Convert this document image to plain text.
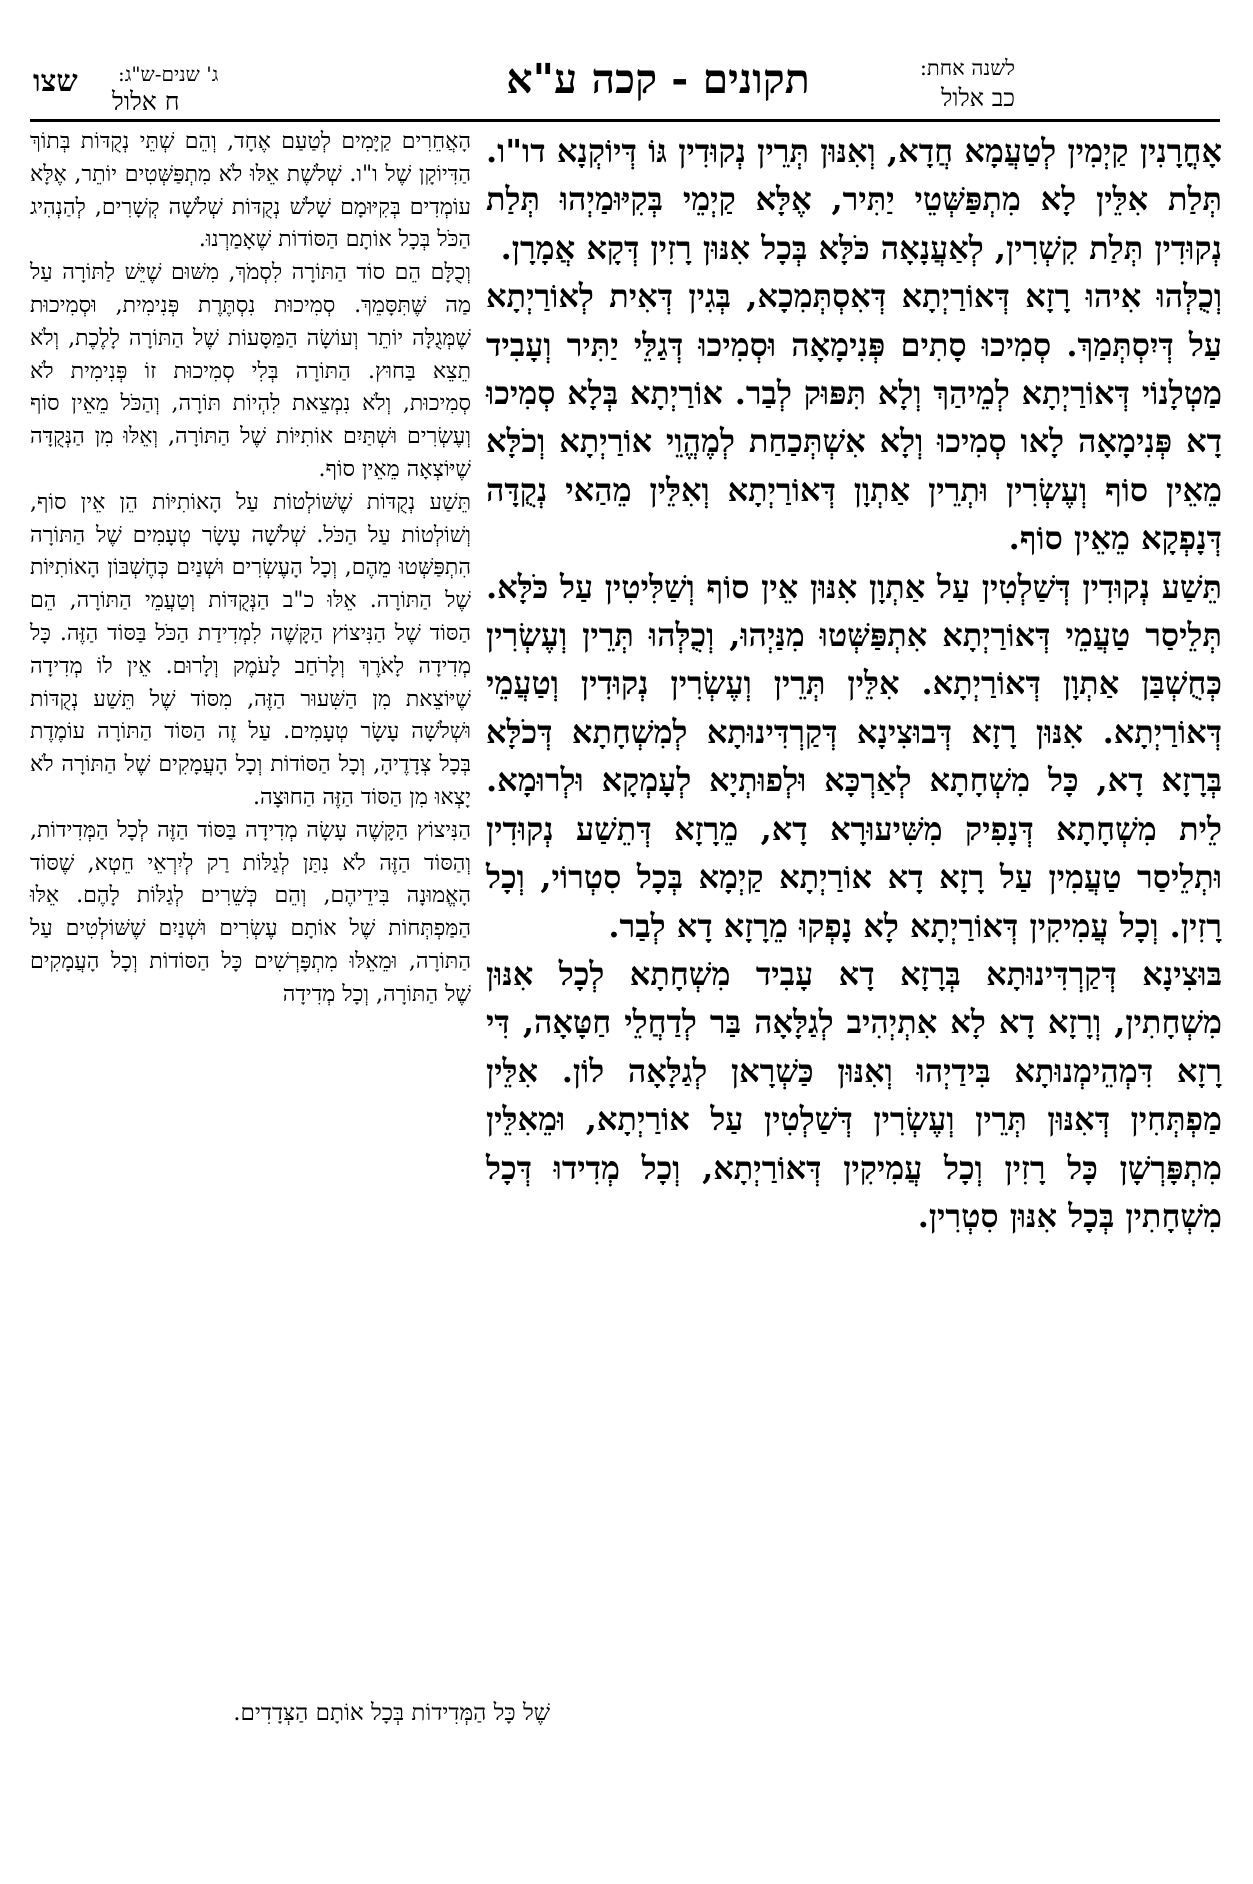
לשנה אחת:
כב אלול
תקונים - קכה ע"א
ג' שנים-ש"ג:
ח אלול
שצו

אָחֳרָנִין קַיְמִין לְטַעֲמָא חֲדָא, וְאִנּוּן תְּרֵין נְקוּדִין גּוֹ דְּיוֹקְנָא דו"ו. תְּלַת אִלֵּין לָא מִתְפַּשְּׁטֵי יַתִּיר, אֶלָּא קַיְמֵי בְּקִיּוּמַיְהוּ תְּלַת נְקוּדִין תְּלַת קִשְׁרִין, לְאַעֲנָאָה כֹּלָּא בְּכָל אִנּוּן רָזִין דְּקָא אֲמָרָן.

וְכֻלְּהוּ אִיהוּ רָזָא דְּאוֹרַיְתָא דְּאִסְתְּמִכָא, בְּגִין דְּאִית לְאוֹרַיְתָא עַל דְּיִסְתְּמַךְ. סְמִיכוּ סָתִים פְּנִימָאָה וּסְמִיכוּ דְּגַלֵּי יַתִּיר וְעָבִיד מַטְלָנוֹי דְּאוֹרַיְתָא לְמֵיהַךְ וְלָא תִּפּוּק לְבַר. אוֹרַיְתָא בְּלָא סְמִיכוּ דָא פְּנִימָאָה לָאו סְמִיכוּ וְלָא אִשְׁתְּכַחַת לְמֶהֱוֵי אוֹרַיְתָא וְכֹלָּא מֵאֵין סוֹף וְעֶשְׂרִין וּתְרֵין אַתְוָן דְּאוֹרַיְתָא וְאִלֵּין מֵהַאי נְקֻדָּה דְּנָפְקָא מֵאֵין סוֹף.

תֵּשַׁע נְקוּדִין דְּשַׁלְטִין עַל אַתְוָן אִנּוּן אֵין סוֹף וְשַׁלִּיטִין עַל כֹּלָּא. תְּלֵיסַר טַעֲמֵי דְּאוֹרַיְתָא אִתְפַּשְּׁטוּ מִנַּיְהוּ, וְכֻלְּהוּ תְּרֵין וְעֶשְׂרִין כְּחֻשְׁבַּן אַתְוָן דְּאוֹרַיְתָא. אִלֵּין תְּרֵין וְעֶשְׂרִין נְקוּדִין וְטַעֲמֵי דְּאוֹרַיְתָא. אִנּוּן רָזָא דְּבוּצִינָא דְּקַרְדִּינוּתָא לְמִשְׁחָתָא דְּכֹלָּא בְּרָזָא דָא, כָּל מִשְׁחָתָא לְאַרְכָּא וּלְפוּתְיָא לְעָמְקָא וּלְרוּמָא. לֵית מִשְׁחָתָא דְּנָפִיק מִשִּׁיעוּרָא דָא, מֵרָזָא דְּתֵשַׁע נְקוּדִין וּתְלֵיסַר טַעֲמִין עַל רָזָא דָא אוֹרַיְתָא קַיְמָא בְּכָל סִטְרוֹי, וְכָל רָזִין. וְכָל עֲמִיקִין דְּאוֹרַיְתָא לָא נָפְקוּ מֵרָזָא דָא לְבַר.

בּוּצִינָא דְּקַרְדִּינוּתָא בְּרָזָא דָא עָבִיד מִשְׁחָתָא לְכָל אִנּוּן מִשְׁחָתִין, וְרָזָא דָא לָא אִתְיְהִיב לְגַלָּאָה בַּר לְדַחֲלֵי חַטָּאָה, דִּי רָזָא דִּמְהֵימְנוּתָא בִּידַיְהוּ וְאִנּוּן כַּשְׁרָאן לְגַלָּאָה לוֹן. אִלֵּין מַפְתְּחִין דְּאִנּוּן תְּרֵין וְעֶשְׂרִין דְּשַׁלְטִין עַל אוֹרַיְתָא, וּמֵאִלֵּין מִתְפָּרְשָׁן כָּל רָזִין וְכָל עֲמִיקִין דְּאוֹרַיְתָא, וְכָל מְדִידוּ דְּכָל מִשְׁחָתִין בְּכָל אִנּוּן סִטְרִין.

הָאֲחֵרִים קַיָּמִים לְטַעַם אֶחָד, וְהֵם שְׁתֵּי נְקֻדּוֹת בְּתוֹךְ הַדִּיוֹקָן שֶׁל ו"ו. שְׁלֹשֶׁת אֵלּוּ לֹא מִתְפַּשְּׁטִים יוֹתֵר, אֶלָּא עוֹמְדִים בְּקִיּוּמָם שָׁלֹשׁ נְקֻדּוֹת שְׁלֹשָׁה קְשָׁרִים, לְהַנְהִיג הַכֹּל בְּכָל אוֹתָם הַסּוֹדוֹת שֶׁאָמַרְנוּ.

וְכֻלָּם הֵם סוֹד הַתּוֹרָה לִסְמֹךְ, מִשּׁוּם שֶׁיֵּשׁ לַתּוֹרָה עַל מַה שֶּׁתִּסָּמֵךְ. סְמִיכוּת נִסְתֶּרֶת פְּנִימִית, וּסְמִיכוּת שֶׁמְּגֻלָּה יוֹתֵר וְעוֹשָׂה הַמַּסָּעוֹת שֶׁל הַתּוֹרָה לָלֶכֶת, וְלֹא תֵצֵא בַּחוּץ. הַתּוֹרָה בְּלִי סְמִיכוּת זוֹ פְּנִימִית לֹא סְמִיכוּת, וְלֹא נִמְצֵאת לִהְיוֹת תּוֹרָה, וְהַכֹּל מֵאֵין סוֹף וְעֶשְׂרִים וּשְׁתַּיִם אוֹתִיּוֹת שֶׁל הַתּוֹרָה, וְאֵלּוּ מִן הַנְּקֻדָּה שֶׁיּוֹצְאָה מֵאֵין סוֹף.

תֵּשַׁע נְקֻדּוֹת שֶׁשּׁוֹלְטוֹת עַל הָאוֹתִיּוֹת הֵן אֵין סוֹף, וְשׁוֹלְטוֹת עַל הַכֹּל. שְׁלֹשָׁה עָשָׂר טְעָמִים שֶׁל הַתּוֹרָה הִתְפַּשְּׁטוּ מֵהֶם, וְכָל הָעֶשְׂרִים וּשְׁנַיִם כְּחֶשְׁבּוֹן הָאוֹתִיּוֹת שֶׁל הַתּוֹרָה. אֵלּוּ כ"ב הַנְּקֻדּוֹת וְטַעֲמֵי הַתּוֹרָה, הֵם הַסּוֹד שֶׁל הַנִּיצוֹץ הַקָּשֶׁה לִמְדִידַת הַכֹּל בַּסּוֹד הַזֶּה. כָּל מְדִידָה לָאֹרֶךְ וְלָרֹחַב לָעֹמֶק וְלָרוּם. אֵין לוֹ מְדִידָה שֶׁיּוֹצֵאת מִן הַשִּׁעוּר הַזֶּה, מִסּוֹד שֶׁל תֵּשַׁע נְקֻדּוֹת וּשְׁלֹשָׁה עָשָׂר טְעָמִים. עַל זֶה הַסּוֹד הַתּוֹרָה עוֹמֶדֶת בְּכָל צְדָדֶיהָ, וְכָל הַסּוֹדוֹת וְכָל הָעֲמָקִים שֶׁל הַתּוֹרָה לֹא יָצְאוּ מִן הַסּוֹד הַזֶּה הַחוּצָה.

הַנִּיצוֹץ הַקָּשֶׁה עָשָׂה מְדִידָה בַּסּוֹד הַזֶּה לְכָל הַמְּדִידוֹת, וְהַסּוֹד הַזֶּה לֹא נִתַּן לְגַלּוֹת רַק לְיִרְאֵי חֵטְא, שֶׁסּוֹד הָאֱמוּנָה בִּידֵיהֶם, וְהֵם כְּשֵׁרִים לְגַלּוֹת לָהֶם. אֵלּוּ הַמַּפְתְּחוֹת שֶׁל אוֹתָם עֶשְׂרִים וּשְׁנַיִם שֶׁשּׁוֹלְטִים עַל הַתּוֹרָה, וּמֵאֵלּוּ מִתְפָּרְשִׁים כָּל הַסּוֹדוֹת וְכָל הָעֲמָקִים שֶׁל הַתּוֹרָה, וְכָל מְדִידָה

שֶׁל כָּל הַמְּדִידוֹת בְּכָל אוֹתָם הַצְּדָדִים.
